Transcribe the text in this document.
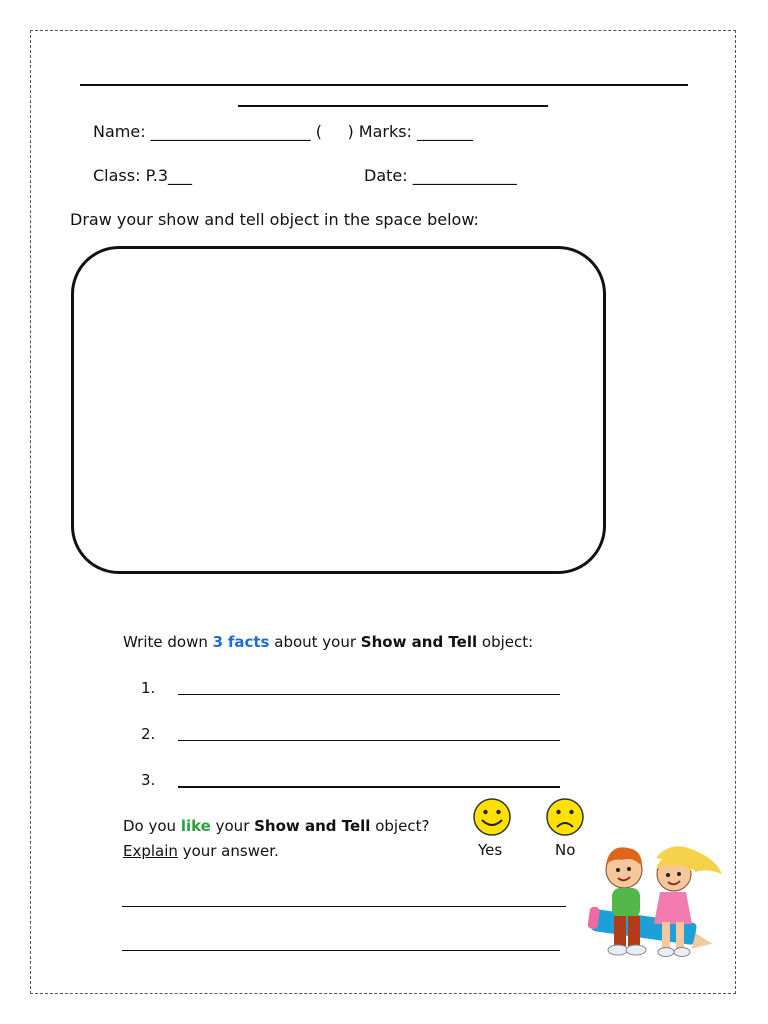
Name: ____________________ (     ) Marks: _______
Class: P.3___	Date: _____________
Draw your show and tell object in the space below:
Write down 3 facts about your Show and Tell object:
1.
2.
3.
Do you like your Show and Tell object?
Explain your answer.	Yes	No
